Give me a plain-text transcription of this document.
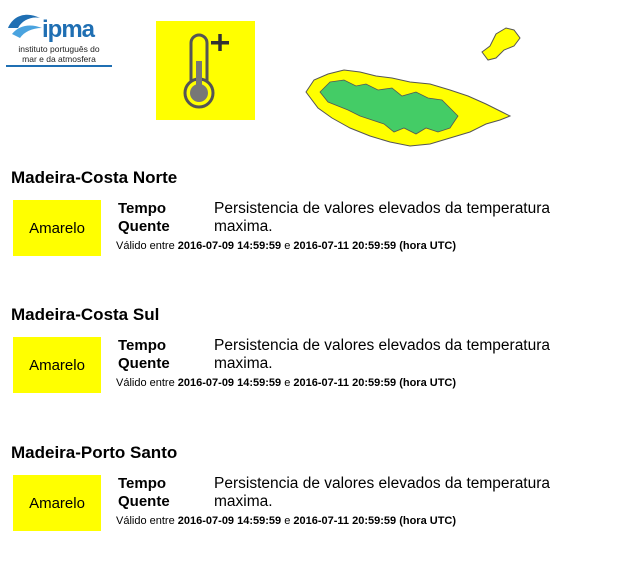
ipma
instituto português do
mar e da atmosfera
Madeira-Costa Norte
Amarelo
Tempo
Quente
Persistencia de valores elevados da temperatura maxima.
Válido entre 2016-07-09 14:59:59 e 2016-07-11 20:59:59 (hora UTC)
Madeira-Costa Sul
Amarelo
Tempo
Quente
Persistencia de valores elevados da temperatura maxima.
Válido entre 2016-07-09 14:59:59 e 2016-07-11 20:59:59 (hora UTC)
Madeira-Porto Santo
Amarelo
Tempo
Quente
Persistencia de valores elevados da temperatura maxima.
Válido entre 2016-07-09 14:59:59 e 2016-07-11 20:59:59 (hora UTC)
